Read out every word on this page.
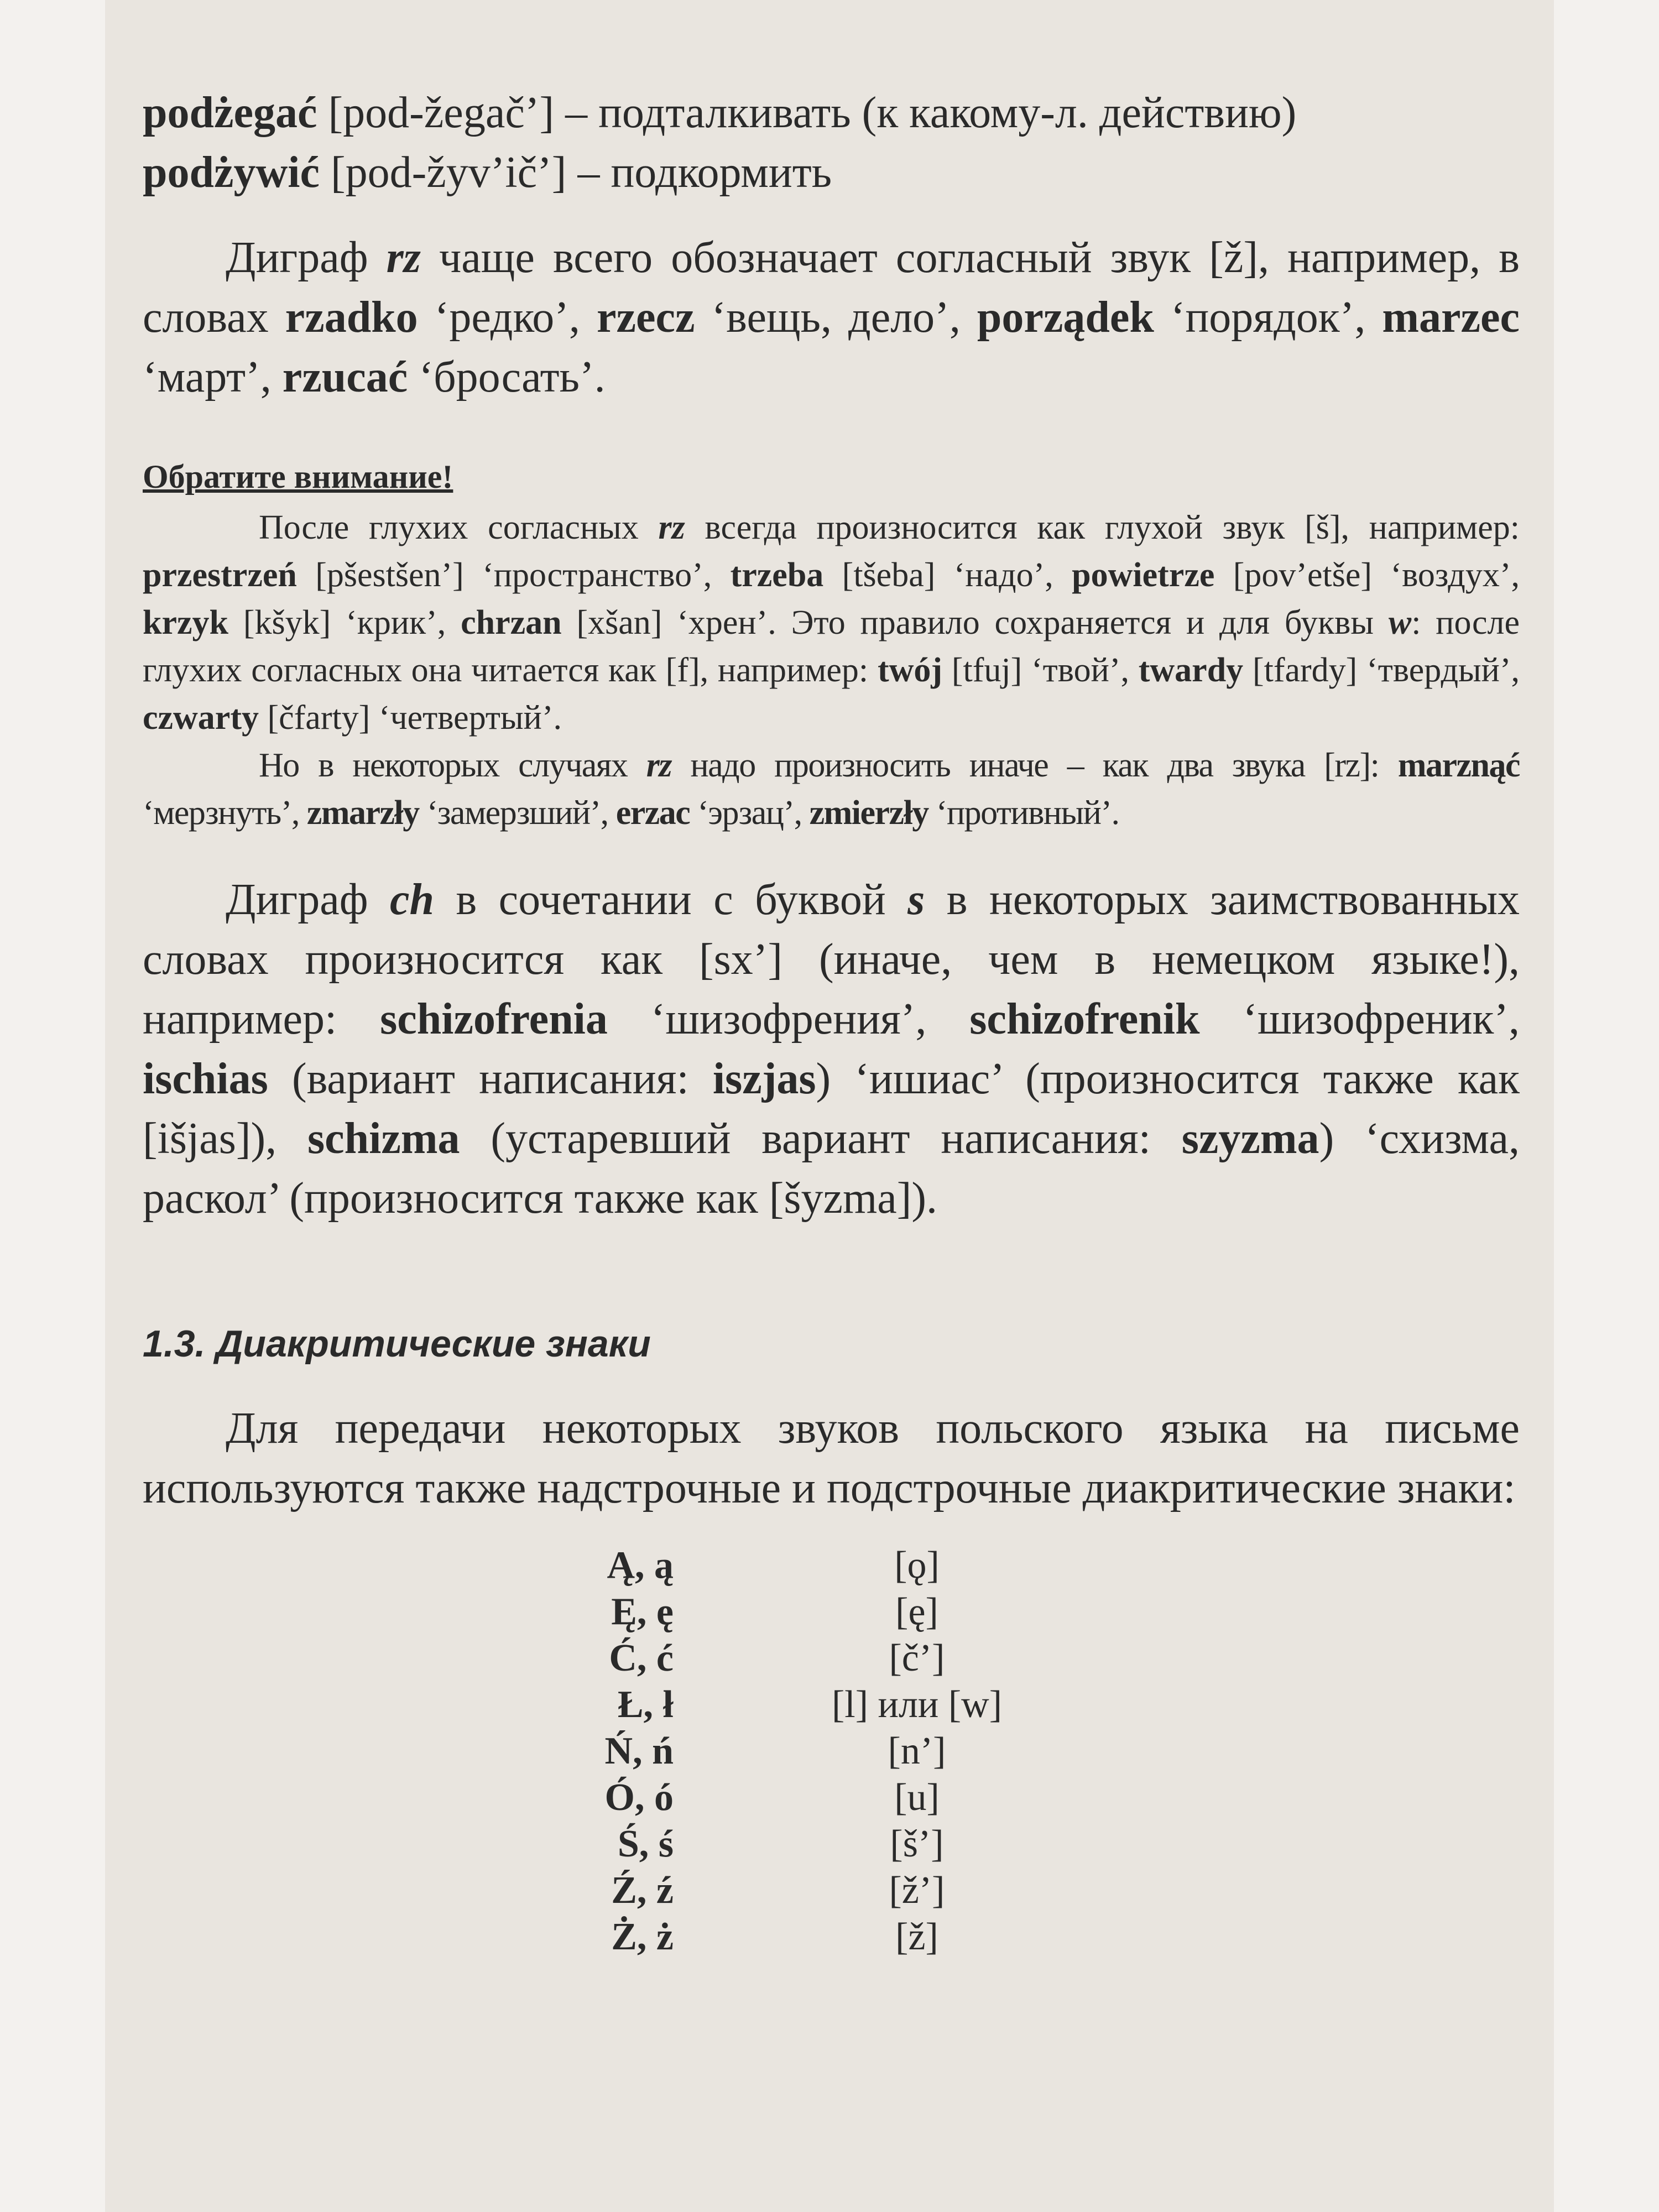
podżegać [pod-žegač’] – подталкивать (к какому-л. действию)
podżywić [pod-žyv’ič’] – подкормить

Диграф rz чаще всего обозначает согласный звук [ž], например, в словах rzadko ‘редко’, rzecz ‘вещь, дело’, porządek ‘порядок’, marzec ‘март’, rzucać ‘бросать’.

Обратите внимание!

После глухих согласных rz всегда произносится как глухой звук [š], например: przestrzeń [pšestšen’] ‘пространство’, trzeba [tšeba] ‘надо’, powietrze [pov’etše] ‘воздух’, krzyk [kšyk] ‘крик’, chrzan [xšan] ‘хрен’. Это правило сохраняется и для буквы w: после глухих согласных она читается как [f], например: twój [tfuj] ‘твой’, twardy [tfardy] ‘твердый’, czwarty [čfarty] ‘четвертый’.

Но в некоторых случаях rz надо произносить иначе – как два звука [rz]: marznąć ‘мерзнуть’, zmarzły ‘замерзший’, erzac ‘эрзац’, zmierzły ‘противный’.

Диграф ch в сочетании с буквой s в некоторых заимствованных словах произносится как [sx’] (иначе, чем в немецком языке!), например: schizofrenia ‘шизофрения’, schizofrenik ‘шизофреник’, ischias (вариант написания: iszjas) ‘ишиас’ (произносится также как [išjas]), schizma (устаревший вариант написания: szyzma) ‘схизма, раскол’ (произносится также как [šyzma]).

1.3. Диакритические знаки

Для передачи некоторых звуков польского языка на письме используются также надстрочные и подстрочные диакритические знаки:

Ą, ą	[ǫ]
Ę, ę	[ę]
Ć, ć	[č’]
Ł, ł	[l] или [w]
Ń, ń	[n’]
Ó, ó	[u]
Ś, ś	[š’]
Ź, ź	[ž’]
Ż, ż	[ž]
